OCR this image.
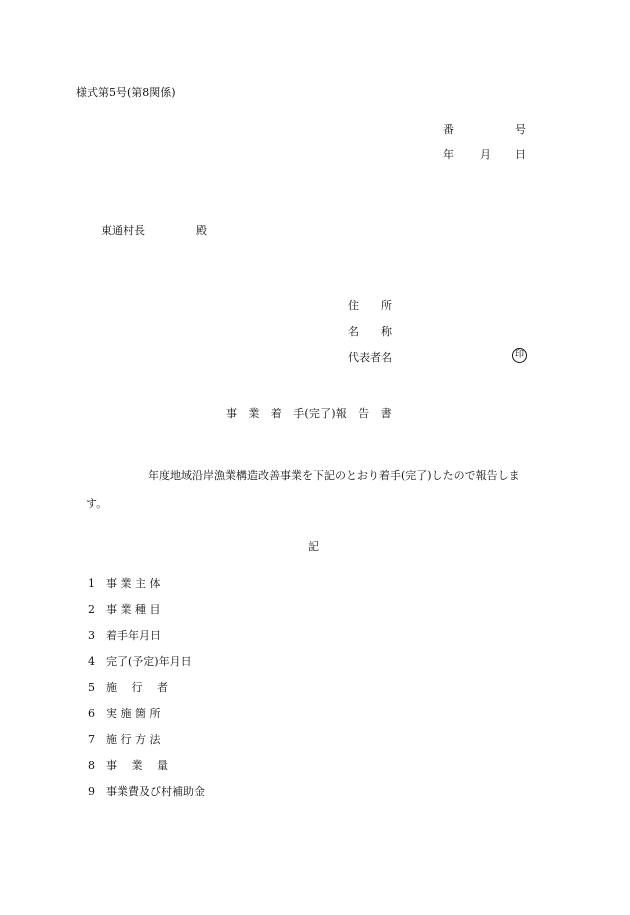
様式第5号(第8関係)
番	号
年 月 日
東通村長	殿
住　　所
名　　称
代表者名	印
事　業　着　手(完了)報　告　書
年度地域沿岸漁業構造改善事業を下記のとおり着手(完了)したので報告しま
す。
記
1 事 業 主 体
2 事 業 種 目
3 着手年月日
4 完了(予定)年月日
5 施　 行　 者
6 実 施 箇 所
7 施 行 方 法
8 事　 業　 量
9 事業費及び村補助金
